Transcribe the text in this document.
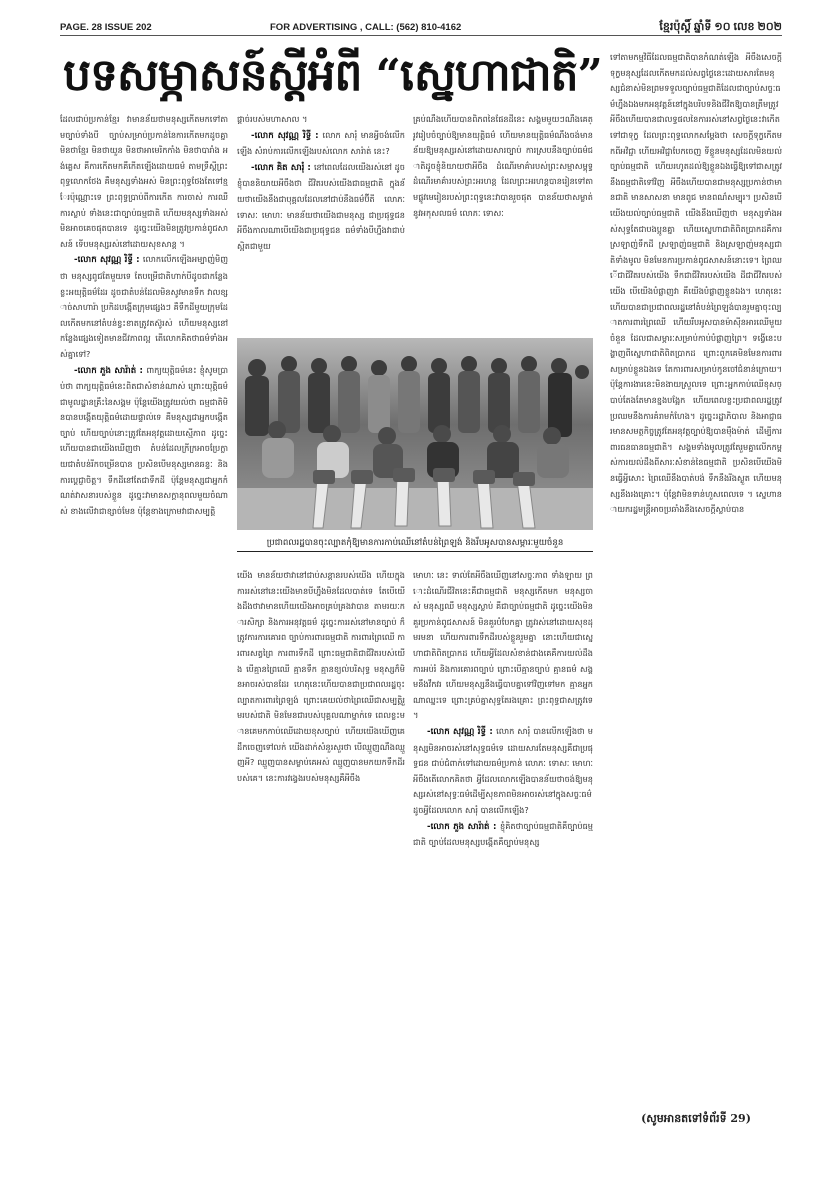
PAGE. 28 ISSUE 202	FOR ADVERTISING , CALL: (562) 810-4162	ខ្មែរប៉ុស្តិ៍ ឆ្នាំទី ១០ លេខ ២០២
បទសម្ភាសន៍ស្ដីអំពី “ស្នេហាជាតិ”

ដែលជាប់ប្រកាន់ខ្មែរ វាមានន័យថាមនុស្សកើតមកទៅតាមច្បាប់ទាំងបី ច្បាប់សម្រាប់ប្រកាន់នៃការកើតមកដូចគ្នា មិនថាខ្មែរ មិនថាយួន មិនថាអាមេរិកកាំង មិនថាបារាំង អង់គ្លេស គឺការកើតមកគឺកើតឡើងដោយធម៌ តាមទ្រឹស្ដីព្រះពុទ្ធលោកថែង គឺមនុស្សទាំងអស់ មិនព្រះពុទ្ធថែងតែទៅខ្មែរប៉ុណ្ណោះទេ ព្រះពុទ្ធប្រាប់ពីការកើត ការចាស់ ការឈឺ ការស្លាប់ ទាំងនេះជាច្បាប់ធម្មជាតិ ហើយមនុស្សទាំងអស់មិនអាចគេចផុតបានទេ ដូច្នេះយើងមិនត្រូវប្រកាន់ពូជសាសន៍ ទើបមនុស្សរស់នៅដោយសុខសាន្ត ។

-លោក សុវណ្ណ រិទ្ធី : លោកលើកឡើងអម្បាញ់មិញថា មនុស្សពូជតែមួយទេ តែបម្រើជាតិហាក់បីដូចជាកន្លែងខ្លះអយុត្តិធម៌ដែរ ដូចជាតំបន់ដែលមិនសូវមានទឹក វាលខ្សាច់សាហារ៉ា ប្រកិដបង្កើតក្រុមផ្សេងៗ គឺទឹកដីមួយក្រុមដែលកើតមកនៅតំបន់ខ្វះខាតត្រូវតស៊ូរស់ ហើយមនុស្សនៅកន្លែងផ្សេងទៀតមានជីវភាពល្អ តើលោកគិតថាធម៌ទាំងអស់គ្នាទៅ?

-លោក ភួង សារ៉ាត់ : ពាក្យយុត្តិធម៌នេះ ខ្ញុំសូមប្រាប់ថា ពាក្យយុត្តិធម៌នេះពិតជាសំខាន់ណាស់ ព្រោះយុត្តិធម៌ជាមូលដ្ឋានគ្រឹះនៃសង្គម ប៉ុន្តែយើងត្រូវយល់ថា ធម្មជាតិមិនបានបង្កើតយុត្តិធម៌ដោយផ្ទាល់ទេ គឺមនុស្សជាអ្នកបង្កើតច្បាប់ ហើយច្បាប់នោះត្រូវតែអនុវត្តដោយស្មើភាព ដូច្នេះហើយបានជាយើងឃើញថា តំបន់ដែលក្រីក្រអាចប្រែក្លាយជាតំបន់រីកចម្រើនបាន ប្រសិនបើមនុស្សមានឆន្ទៈ និងការប្តេជ្ញាចិត្ត។ ទឹកដីនៅតែជាទឹកដី ប៉ុន្តែមនុស្សជាអ្នកកំណត់វាសនារបស់ខ្លួន ដូច្នេះវាមានសក្ដានុពលមួយចំណាស់ ខាងលើវាជាខ្សាច់មែន ប៉ុន្តែខាងក្រោមវាជាសម្បត្តិ

ផ្ដាច់របស់មហាសាល ។

-លោក សុវណ្ណ រិទ្ធី : លោក សារុំ មានអ្វីចង់លើកឡើង សំរាប់ការលើកឡើងរបស់លោក សារ៉ាត់ នេះ?

-លោក គិត សារុំ : នៅពេលដែលយើងរស់នៅ ដូចខ្ញុំបាននិយាយអីចឹងថា ជីវិតរបស់យើងជាធម្មជាតិ ក្នុងន័យថាយើងនឹងជាបុគ្គលដែលនៅជាប់នឹងធម៌ប៊ីតី លោភៈ ទោសៈ មោហៈ មានន័យថាយើងជាមនុស្ស ជាប្រផុទ្ធជន អីចឹងកាលណាបើយើងជាប្រផុទ្ធជន ធម៌ទាំងបីហ្នឹងវាជាប់ស្អិតជាមួយ

គ្រប់ណឹងហើយបានពិភពនៃផែនដីនេះ សង្គមមួយៗណឹងគេត្រូវរៀបចំច្បាប់ឱ្យមានយុត្តិធម៌ ហើយមានយុត្តិធម៌ណឹងចង់មានន័យឱ្យមនុស្សរស់នៅដោយសារច្បាប់ ការស្របនឹងច្បាប់ធម៌ជាតិដូចខ្ញុំនិយាយថាអីចឹង ដំណើរមាគ៌ារបស់ព្រះសម្មាសម្ពុទ្ធ ដំណើរមាគ៌ារបស់ព្រះអរហន្ត ដែលព្រះអរហន្តបានរៀនទៅតាមផ្លូវមេរៀនរបស់ព្រះពុទ្ធនេះវាបានរួចផុត បានន័យថាសម្លាត់នូវអកុសលធម៌ លោភៈ ទោសៈ

ប្រជាពលរដ្ឋបានចុះល្បាតកុំឱ្យមានការកាប់ឈើនៅតំបន់ព្រៃឡង់ និងរឹបអូសបានសម្ភារៈមួយចំនួន

យើង មានន័យថាវានៅជាប់សន្តានរបស់យើង ហើយក្នុងការរស់នៅនេះយើងមានបីហ្នឹងមិនដែលបាត់ទេ តែបើយើងដឹងថាវាមានហើយយើងអាចគ្រប់គ្រងវាបាន តាមរយៈការសិក្សា និងការអនុវត្តធម៌ ដូច្នេះការរស់នៅមានច្បាប់ ក៏ត្រូវការការគោរព ច្បាប់ការពារធម្មជាតិ ការពារព្រៃឈើ ការពារសត្វព្រៃ ការពារទឹកដី ព្រោះធម្មជាតិជាជីវិតរបស់យើង បើគ្មានព្រៃឈើ គ្មានទឹក គ្មានខ្យល់បរិសុទ្ធ មនុស្សក៏មិនអាចរស់បានដែរ ហេតុនេះហើយបានជាប្រជាពលរដ្ឋចុះល្បាតការពារព្រៃឡង់ ព្រោះគេយល់ថាព្រៃឈើជាសម្បត្តិរួមរបស់ជាតិ មិនមែនជារបស់បុគ្គលណាម្នាក់ទេ ពេលខ្លះមានគេមកកាប់ឈើដោយខុសច្បាប់ ហើយយើងឃើញគេដឹកចេញទៅលក់ យើងដាក់សំនួរសួរថា បើឈ្មួញណឹងឈ្មួញអី? ឈ្មួញបានសម្លាប់គេអស់ ឈ្មួញបានមកយកទឹកដីរបស់គេ។ នេះការវង្វេងរបស់មនុស្សគឺអីចឹង

មោហៈ នេះ ទាល់តែអីចឹងឃើញនៅសច្ចៈភាព ទាំងឡាយ ព្រោះដំណើរជីវិតនេះគឺជាធម្មជាតិ មនុស្សកើតមក មនុស្សចាស់ មនុស្សឈឺ មនុស្សស្លាប់ គឺជាច្បាប់ធម្មជាតិ ដូច្នេះយើងមិនគួរប្រកាន់ពូជសាសន៍ មិនគួរបំបែកគ្នា ត្រូវរស់នៅដោយសុខដុមរមនា ហើយការពារទឹកដីរបស់ខ្លួនរួមគ្នា នោះហើយជាស្នេហាជាតិពិតប្រាកដ ហើយអ្វីដែលសំខាន់ជាងគេគឺការយល់ដឹង ការអប់រំ និងការគោរពច្បាប់ ព្រោះបើគ្មានច្បាប់ គ្មានធម៌ សង្គមនឹងវឹកវរ ហើយមនុស្សនឹងធ្វើបាបគ្នាទៅវិញទៅមក គ្មានអ្នកណាឈ្នះទេ ព្រោះគ្រប់គ្នាសុទ្ធតែរងគ្រោះ ព្រះពុទ្ធជាសត្រូវទេ ។

-លោក សុវណ្ណ រិទ្ធី : លោក សារុំ បានលើកឡើងថា មនុស្សមិនអាចរស់នៅសុទ្ធធម៌ទេ ដោយសារតែមនុស្សគឺជាប្រផុទ្ធជន ជាប់ជំពាក់ទៅដោយធម៌ប្រកាន់ លោភៈ ទោសៈ មោហៈ អីចឹងតើលោកគិតថា អ្វីដែលលោកឡើងបានន័យថាចង់ឱ្យមនុស្សរស់នៅសុទ្ធៈធម៌ដើម្បីសុខភាពមិនអាចរស់នៅក្នុងសច្ចៈធម៌ដូចអ្វីដែលលោក សារុំ បានលើកឡើង?

-លោក ភួង សារ៉ាត់ : ខ្ញុំគិតថាច្បាប់ធម្មជាតិគឺច្បាប់ធម្មជាតិ ច្បាប់ដែលមនុស្សបង្កើតគឺច្បាប់មនុស្ស

ទៅតាមកម្មវិធីដែលធម្មជាតិបានកំណត់ឡើង អីចឹងសេចក្ដីទុក្ខមនុស្សដែលកើតមកដល់សព្វថ្ងៃនេះដោយសារតែមនុស្សជំនាស់មិនព្រមទទួលច្បាប់ធម្មជាតិដែលជាច្បាប់សច្ចៈធម៌ហ្នឹងឯងមកអនុវត្តន៍នៅក្នុងបរិបទនិងជីវិតឱ្យបានត្រឹមត្រូវ អីចឹងហើយបានជាលទ្ធផលនៃការរស់នៅសព្វថ្ងៃនេះវាកើតទៅជាទុក្ខ ដែលព្រះពុទ្ធលោកសម្ដែងថា សេចក្ដីទុក្ខកើតមកពីអវិជ្ជា ហើយអវិជ្ជាបែកចេញ ទីខ្លួនមនុស្សដែលមិនយល់ច្បាប់ធម្មជាតិ ហើយរហូតដល់ឱ្យខ្លួនឯងធ្វើឱ្យទៅជាសត្រូវនឹងធម្មជាតិទៅវិញ អីចឹងហើយបានជាមនុស្សប្រកាន់ថាមានជាតិ មានសាសនា មានពូជ មានពណ៌សម្បុរ។ ប្រសិនបើយើងយល់ច្បាប់ធម្មជាតិ យើងនឹងឃើញថា មនុស្សទាំងអស់សុទ្ធតែជាបងប្អូនគ្នា ហើយស្នេហាជាតិពិតប្រាកដគឺការស្រឡាញ់ទឹកដី ស្រឡាញ់ធម្មជាតិ និងស្រឡាញ់មនុស្សជាតិទាំងមូល មិនមែនការប្រកាន់ពូជសាសន៍នោះទេ។ ព្រៃឈើជាជីវិតរបស់យើង ទឹកជាជីវិតរបស់យើង ដីជាជីវិតរបស់យើង បើយើងបំផ្លាញវា គឺយើងបំផ្លាញខ្លួនឯង។ ហេតុនេះហើយបានជាប្រជាពលរដ្ឋនៅតំបន់ព្រៃឡង់បានរួមគ្នាចុះល្បាតការពារព្រៃឈើ ហើយរឹបអូសបានម៉ាស៊ីនអារឈើមួយចំនួន ដែលជាសម្ភារៈសម្រាប់កាប់បំផ្លាញព្រៃ។ ទង្វើនេះបង្ហាញពីស្នេហាជាតិពិតប្រាកដ ព្រោះពួកគេមិនមែនការពារសម្រាប់ខ្លួនឯងទេ តែការពារសម្រាប់កូនចៅជំនាន់ក្រោយ។ ប៉ុន្តែការងារនេះមិនងាយស្រួលទេ ព្រោះអ្នកកាប់ឈើខុសច្បាប់តែងតែមានខ្នងបង្អែក ហើយពេលខ្លះប្រជាពលរដ្ឋត្រូវប្រឈមនឹងការគំរាមកំហែង។ ដូច្នេះរដ្ឋាភិបាល និងអាជ្ញាធរមានសមត្ថកិច្ចត្រូវតែអនុវត្តច្បាប់ឱ្យបានម៉ឺងម៉ាត់ ដើម្បីការពារធនធានធម្មជាតិ។ សង្គមទាំងមូលត្រូវតែរួមគ្នាលើកកម្ពស់ការយល់ដឹងពីសារៈសំខាន់នៃធម្មជាតិ ប្រសិនបើយើងមិនធ្វើអ្វីសោះ ព្រៃឈើនឹងបាត់បង់ ទឹកនឹងរីងស្ងួត ហើយមនុស្សនឹងរងគ្រោះ។ ប៉ុន្តែវាមិនទាន់ហួសពេលទេ ។ ស្នេហានាយករដ្ឋមន្ត្រីអាចប្រឆាំងនឹងសេចក្ដីស្លាប់បាន

(សូមអានតទៅទំព័រទី 29)
